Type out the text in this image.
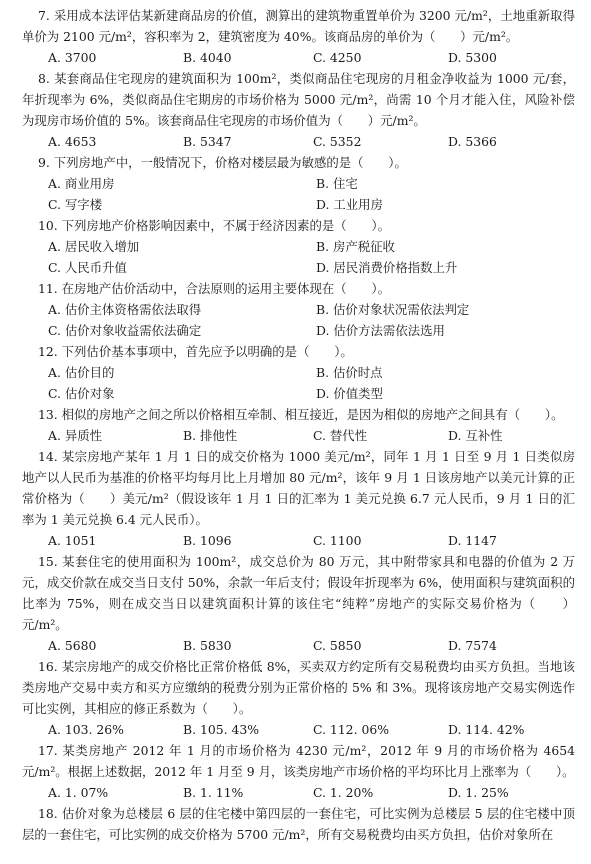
7. 采用成本法评估某新建商品房的价值，测算出的建筑物重置单价为 3200 元/m²，土地重新取得单价为 2100 元/m²，容积率为 2，建筑密度为 40%。该商品房的单价为（　　）元/m²。

A. 3700	B. 4040	C. 4250	D. 5300

8. 某套商品住宅现房的建筑面积为 100m²，类似商品住宅现房的月租金净收益为 1000 元/套，年折现率为 6%，类似商品住宅期房的市场价格为 5000 元/m²，尚需 10 个月才能入住，风险补偿为现房市场价值的 5%。该套商品住宅现房的市场价值为（　　）元/m²。

A. 4653	B. 5347	C. 5352	D. 5366

9. 下列房地产中，一般情况下，价格对楼层最为敏感的是（　　）。

A. 商业用房	B. 住宅
C. 写字楼	D. 工业用房

10. 下列房地产价格影响因素中，不属于经济因素的是（　　）。

A. 居民收入增加	B. 房产税征收
C. 人民币升值	D. 居民消费价格指数上升

11. 在房地产估价活动中，合法原则的运用主要体现在（　　）。

A. 估价主体资格需依法取得	B. 估价对象状况需依法判定
C. 估价对象收益需依法确定	D. 估价方法需依法选用

12. 下列估价基本事项中，首先应予以明确的是（　　）。

A. 估价目的	B. 估价时点
C. 估价对象	D. 价值类型

13. 相似的房地产之间之所以价格相互牵制、相互接近，是因为相似的房地产之间具有（　　）。

A. 异质性	B. 排他性	C. 替代性	D. 互补性

14. 某宗房地产某年 1 月 1 日的成交价格为 1000 美元/m²，同年 1 月 1 日至 9 月 1 日类似房地产以人民币为基准的价格平均每月比上月增加 80 元/m²，该年 9 月 1 日该房地产以美元计算的正常价格为（　　）美元/m²（假设该年 1 月 1 日的汇率为 1 美元兑换 6.7 元人民币，9 月 1 日的汇率为 1 美元兑换 6.4 元人民币）。

A. 1051	B. 1096	C. 1100	D. 1147

15. 某套住宅的使用面积为 100m²，成交总价为 80 万元，其中附带家具和电器的价值为 2 万元，成交价款在成交当日支付 50%，余款一年后支付；假设年折现率为 6%，使用面积与建筑面积的比率为 75%，则在成交当日以建筑面积计算的该住宅“纯粹”房地产的实际交易价格为（　　）元/m²。

A. 5680	B. 5830	C. 5850	D. 7574

16. 某宗房地产的成交价格比正常价格低 8%，买卖双方约定所有交易税费均由买方负担。当地该类房地产交易中卖方和买方应缴纳的税费分别为正常价格的 5% 和 3%。现将该房地产交易实例选作可比实例，其相应的修正系数为（　　）。

A. 103. 26%	B. 105. 43%	C. 112. 06%	D. 114. 42%

17. 某类房地产 2012 年 1 月的市场价格为 4230 元/m²，2012 年 9 月的市场价格为 4654 元/m²。根据上述数据，2012 年 1 月至 9 月，该类房地产市场价格的平均环比月上涨率为（　　）。

A. 1. 07%	B. 1. 11%	C. 1. 20%	D. 1. 25%

18. 估价对象为总楼层 6 层的住宅楼中第四层的一套住宅，可比实例为总楼层 5 层的住宅楼中顶层的一套住宅，可比实例的成交价格为 5700 元/m²，所有交易税费均由买方负担，估价对象所在
